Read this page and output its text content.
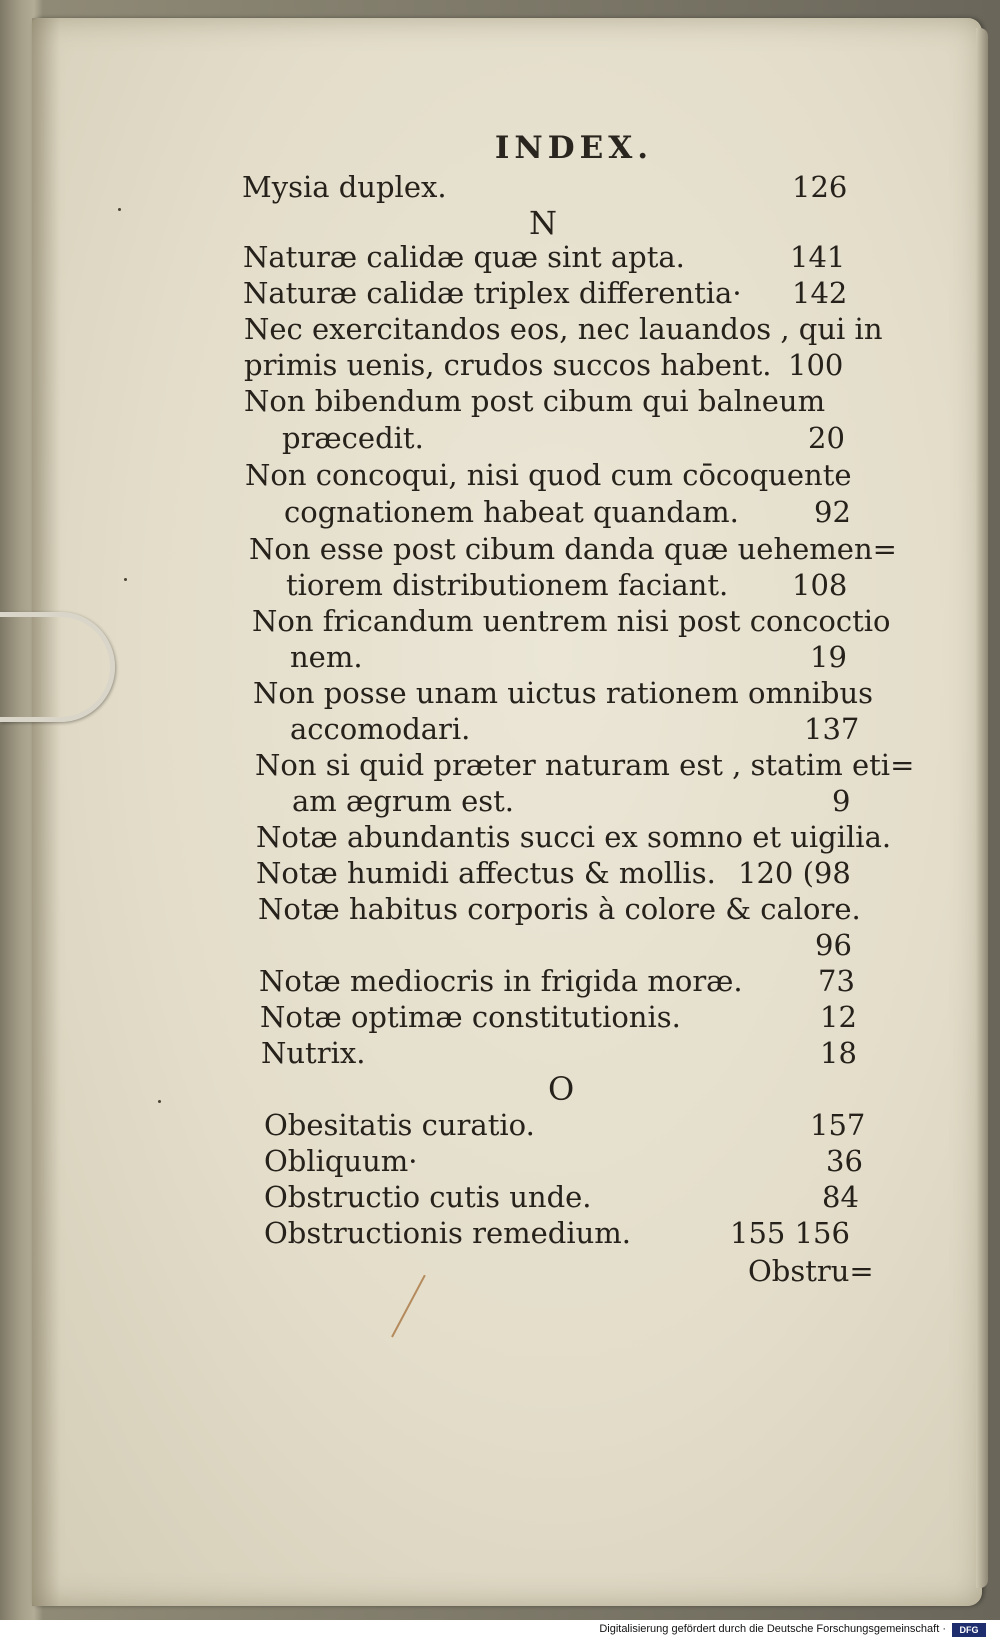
INDEX.
Mysia duplex.	126
N
Naturæ calidæ quæ sint apta.	141
Naturæ calidæ triplex differentia· 142
Nec exercitandos eos, nec lauandos , qui in
primis uenis, crudos succos habent. 100
Non bibendum post cibum qui balneum
præcedit.	20
Non concoqui, nisi quod cum cōcoquente
cognationem habeat quandam.	92
Non esse post cibum danda quæ uehemen=
tiorem distributionem faciant. 108
Non fricandum uentrem nisi post concoctio
nem.	19
Non posse unam uictus rationem omnibus
accomodari.	137
Non si quid præter naturam est , statim eti=
am ægrum est.	9
Notæ abundantis succi ex somno et uigilia.
Notæ humidi affectus & mollis. 120 (98
Notæ habitus corporis à colore & calore.
96
Notæ mediocris in frigida moræ.	73
Notæ optimæ constitutionis.	12
Nutrix.	18
O
Obesitatis curatio.	157
Obliquum·	36
Obstructio cutis unde.	84
Obstructionis remedium.	155 156
Obstru=
Digitalisierung gefördert durch die Deutsche Forschungsgemeinschaft ·	DFG
